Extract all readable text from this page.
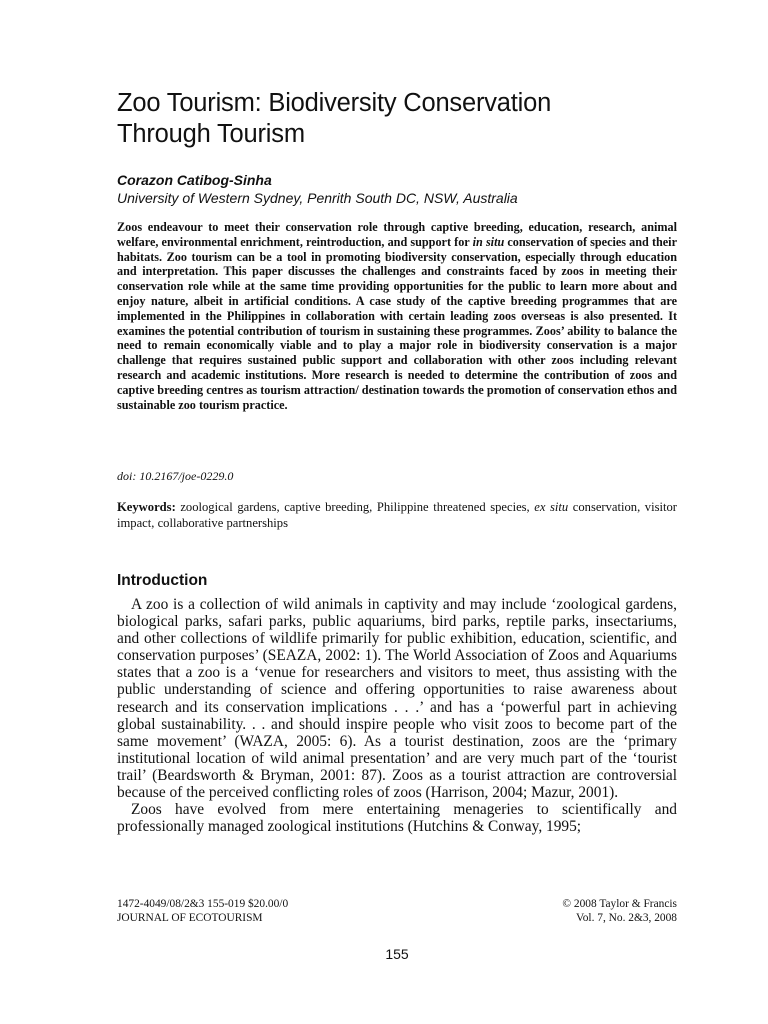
Zoo Tourism: Biodiversity Conservation
Through Tourism
Corazon Catibog-Sinha
University of Western Sydney, Penrith South DC, NSW, Australia

Zoos endeavour to meet their conservation role through captive breeding, education, research, animal welfare, environmental enrichment, reintroduction, and support for in situ conservation of species and their habitats. Zoo tourism can be a tool in promoting biodiversity conservation, especially through education and interpretation. This paper discusses the challenges and constraints faced by zoos in meeting their conservation role while at the same time providing opportunities for the public to learn more about and enjoy nature, albeit in artificial conditions. A case study of the captive breeding programmes that are implemented in the Philippines in collaboration with certain leading zoos overseas is also presented. It examines the potential contribution of tourism in sustaining these programmes. Zoos’ ability to balance the need to remain economically viable and to play a major role in biodiversity conservation is a major challenge that requires sustained public support and collaboration with other zoos including relevant research and academic institutions. More research is needed to determine the contribution of zoos and captive breeding centres as tourism attraction/ destination towards the promotion of conservation ethos and sustainable zoo tourism practice.

doi: 10.2167/joe-0229.0

Keywords: zoological gardens, captive breeding, Philippine threatened species, ex situ conservation, visitor impact, collaborative partnerships

Introduction

A zoo is a collection of wild animals in captivity and may include ‘zoological gardens, biological parks, safari parks, public aquariums, bird parks, reptile parks, insectariums, and other collections of wildlife primarily for public exhibition, education, scientific, and conservation purposes’ (SEAZA, 2002: 1). The World Association of Zoos and Aquariums states that a zoo is a ‘venue for researchers and visitors to meet, thus assisting with the public understanding of science and offering opportunities to raise awareness about research and its conservation implications . . .’ and has a ‘powerful part in achieving global sustainability. . . and should inspire people who visit zoos to become part of the same movement’ (WAZA, 2005: 6). As a tourist destination, zoos are the ‘primary institutional location of wild animal presentation’ and are very much part of the ‘tourist trail’ (Beardsworth & Bryman, 2001: 87). Zoos as a tourist attraction are controversial because of the perceived conflicting roles of zoos (Harrison, 2004; Mazur, 2001).

Zoos have evolved from mere entertaining menageries to scientifically and professionally managed zoological institutions (Hutchins & Conway, 1995;

1472-4049/08/2&3 155-019 $20.00/0
JOURNAL OF ECOTOURISM
© 2008 Taylor & Francis
Vol. 7, No. 2&3, 2008
155
